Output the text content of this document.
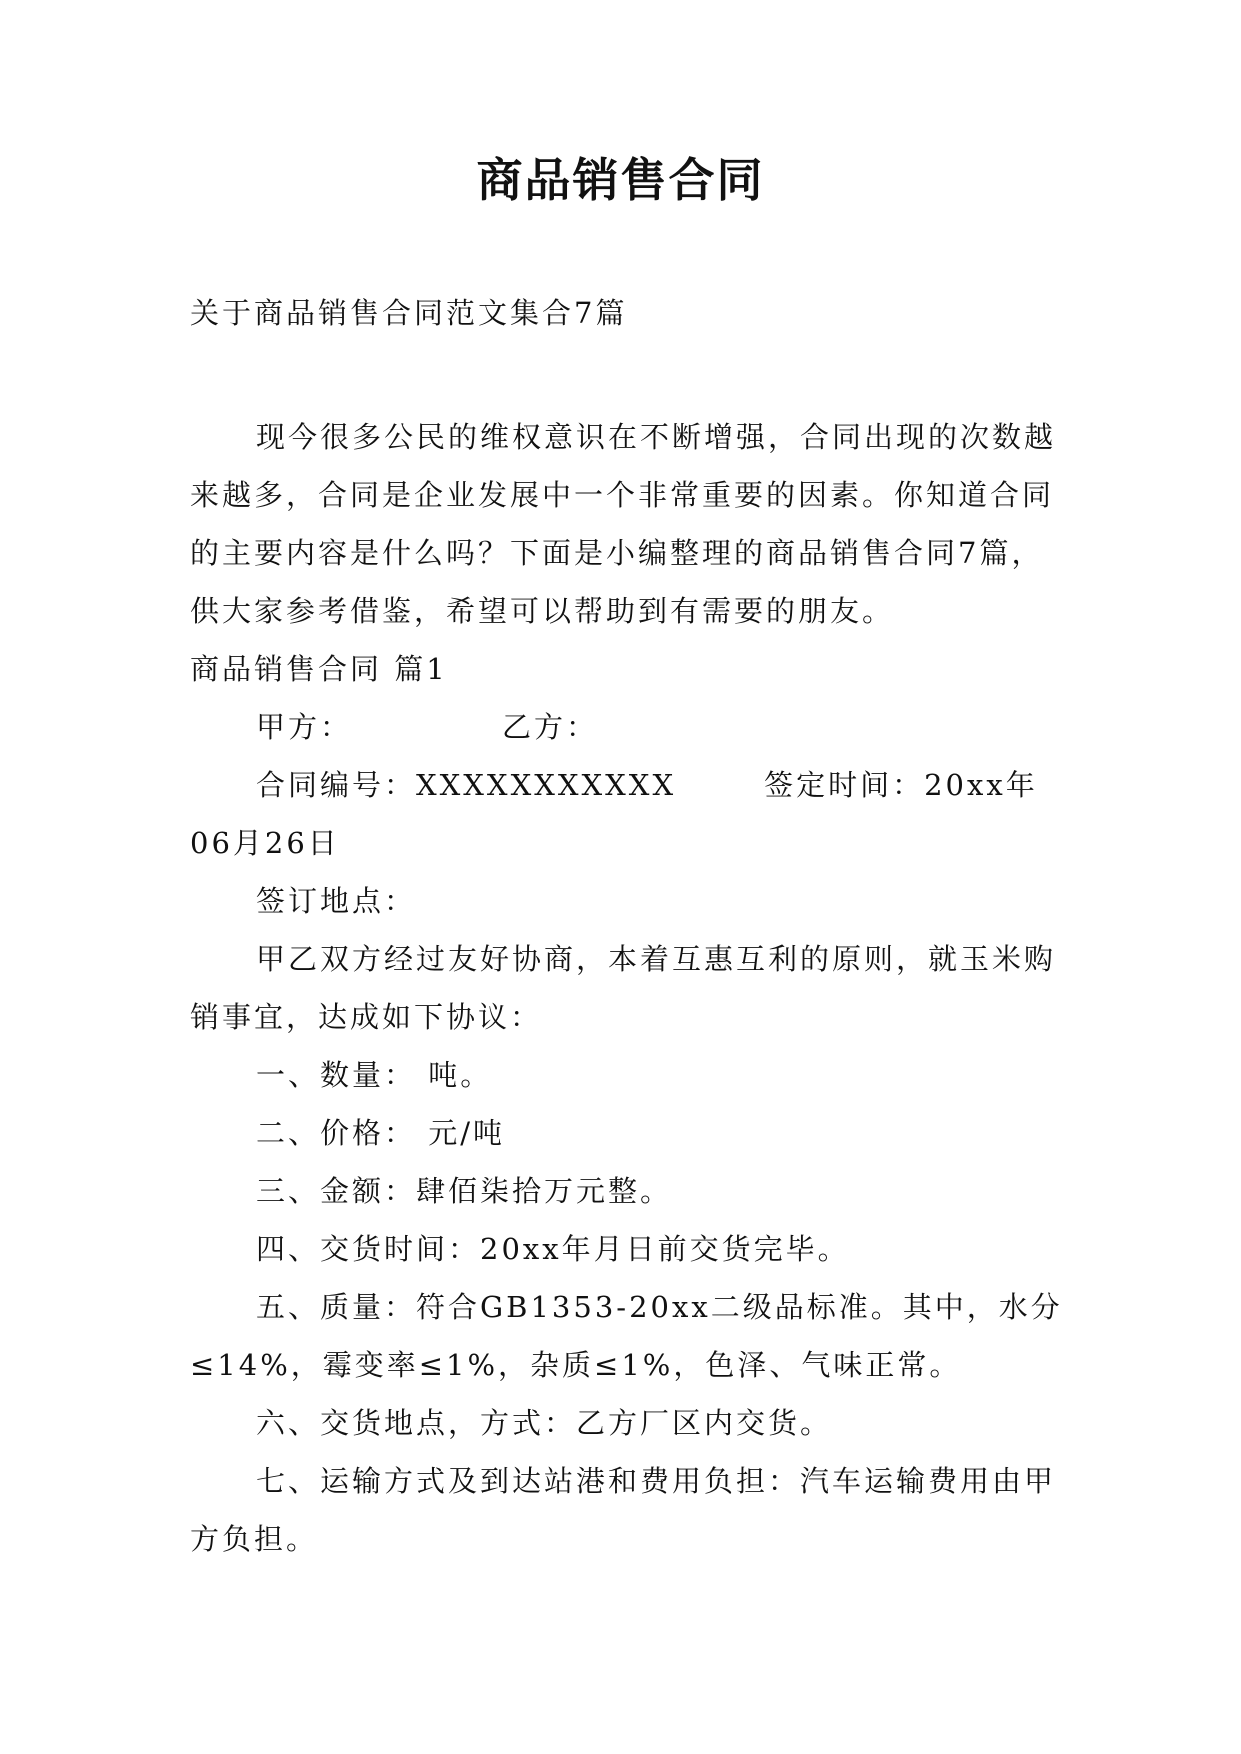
商品销售合同
关于商品销售合同范文集合7篇

现今很多公民的维权意识在不断增强，合同出现的次数越来越多，合同是企业发展中一个非常重要的因素。你知道合同的主要内容是什么吗？下面是小编整理的商品销售合同7篇，供大家参考借鉴，希望可以帮助到有需要的朋友。

商品销售合同 篇1

甲方：	乙方：

合同编号：XXXXXXXXXXX	签定时间：20xx年06月26日

签订地点：

甲乙双方经过友好协商，本着互惠互利的原则，就玉米购销事宜，达成如下协议：

一、数量： 吨。

二、价格： 元/吨

三、金额：肆佰柒拾万元整。

四、交货时间：20xx年月日前交货完毕。

五、质量：符合GB1353-20xx二级品标准。其中，水分≤14%，霉变率≤1%，杂质≤1%，色泽、气味正常。

六、交货地点，方式：乙方厂区内交货。

七、运输方式及到达站港和费用负担：汽车运输费用由甲方负担。
